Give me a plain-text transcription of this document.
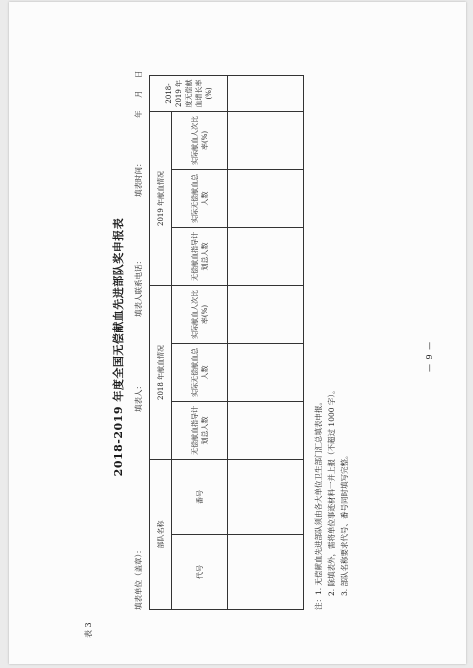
表 3
2018-2019 年度全国无偿献血先进部队奖申报表
填表单位（盖章）：
填表人：
填表人联系电话：
填表时间：
年
月
日
部队名称		2018 年献血情况			2019 年献血情况			2018-2019 年度无偿献血增长率(%)
代号	番号	无偿献血指导计划总人数	实际无偿献血总人数	实际献血人次比率(%)	无偿献血指导计划总人数	实际无偿献血总人数	实际献血人次比率(%)	

注：1. 无偿献血先进部队须由各大单位卫生部门汇总填表申报。 2. 除填表外，需将单位事迹材料一并上报（不超过 1000 字）。 3. 部队名称要求代号、番号同时填写完整。
— 9 —
